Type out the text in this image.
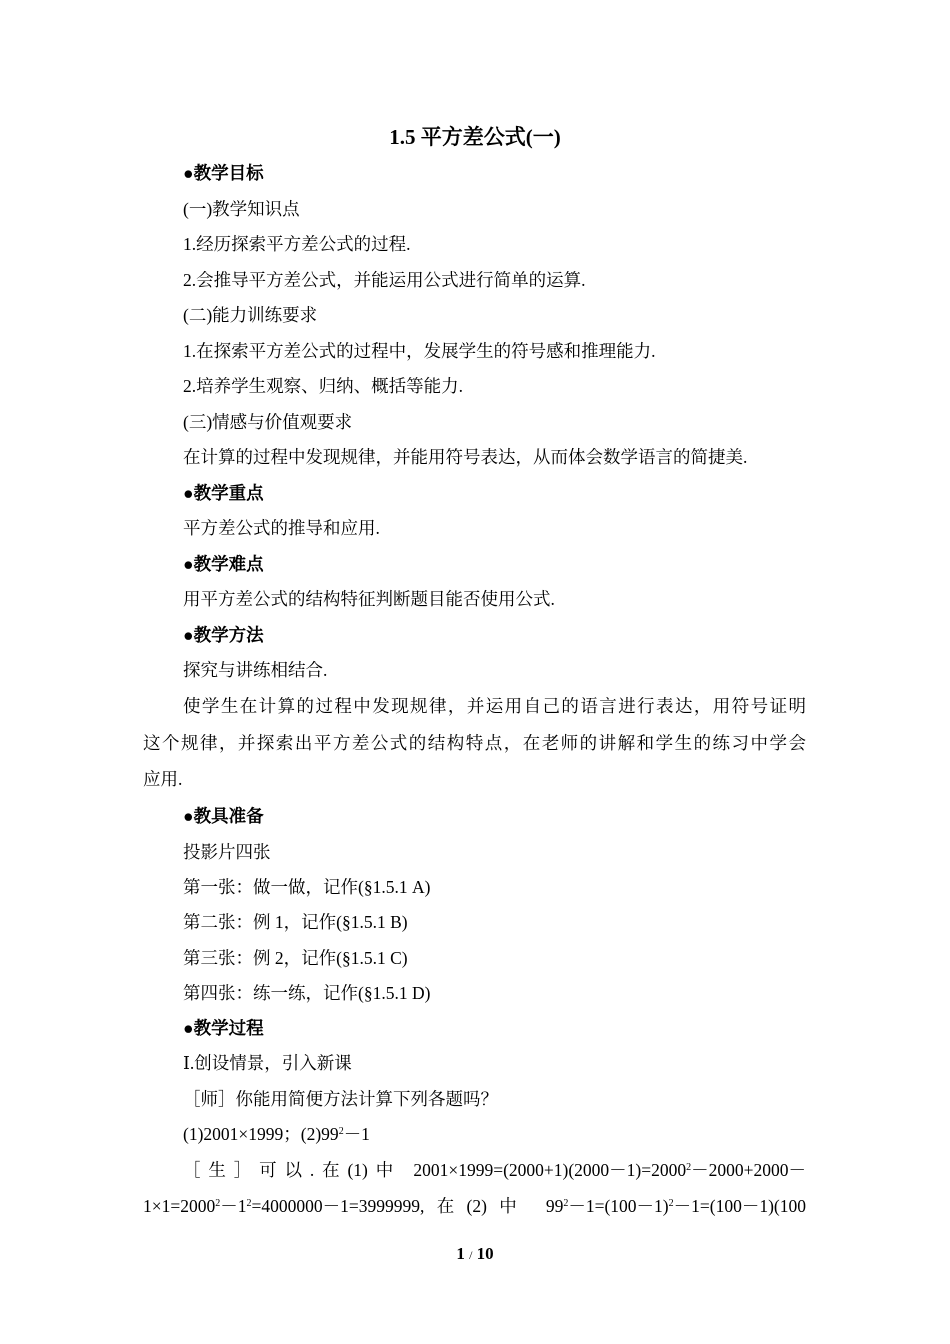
1.5 平方差公式(一)
●教学目标
(一)教学知识点
1.经历探索平方差公式的过程.
2.会推导平方差公式，并能运用公式进行简单的运算.
(二)能力训练要求
1.在探索平方差公式的过程中，发展学生的符号感和推理能力.
2.培养学生观察、归纳、概括等能力.
(三)情感与价值观要求
在计算的过程中发现规律，并能用符号表达，从而体会数学语言的简捷美.
●教学重点
平方差公式的推导和应用.
●教学难点
用平方差公式的结构特征判断题目能否使用公式.
●教学方法
探究与讲练相结合.
使学生在计算的过程中发现规律，并运用自己的语言进行表达，用符号证明
这个规律，并探索出平方差公式的结构特点，在老师的讲解和学生的练习中学会
应用.
●教具准备
投影片四张
第一张：做一做，记作(§1.5.1 A)
第二张：例 1，记作(§1.5.1 B)
第三张：例 2，记作(§1.5.1 C)
第四张：练一练，记作(§1.5.1 D)
●教学过程
Ⅰ.创设情景，引入新课
［师］你能用简便方法计算下列各题吗？
(1)2001×1999；$(2)99^2-1$
［生］可以.在(1)中 $2001\times 1999=(2000+1)(2000-1)=2000^2-2000+2000-$
$1\times 1=2000^2-1^2=4000000-1=3999999$,在(2)中 $99^2-1=(100-1)^2-1=(100-1)(100$
1 / 10
